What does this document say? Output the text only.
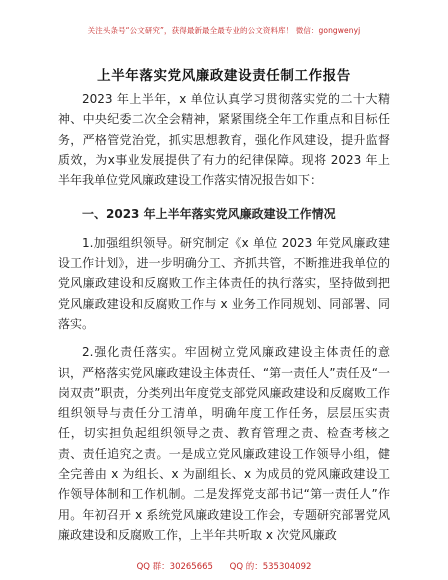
关注头条号“公文研究”，获得最新最全最专业的公文资料库！ 微信：gongwenyj
上半年落实党风廉政建设责任制工作报告

2023 年上半年，x 单位认真学习贯彻落实党的二十大精神、中央纪委二次全会精神，紧紧围绕全年工作重点和目标任务，严格管党治党，抓实思想教育，强化作风建设，提升监督质效，为x事业发展提供了有力的纪律保障。现将 2023 年上半年我单位党风廉政建设工作落实情况报告如下：

一、2023 年上半年落实党风廉政建设工作情况

1.加强组织领导。研究制定《x 单位 2023 年党风廉政建设工作计划》，进一步明确分工、齐抓共管，不断推进我单位的党风廉政建设和反腐败工作主体责任的执行落实，坚持做到把党风廉政建设和反腐败工作与 x 业务工作同规划、同部署、同落实。

2.强化责任落实。牢固树立党风廉政建设主体责任的意识，严格落实党风廉政建设主体责任、“第一责任人”责任及“一岗双责”职责，分类列出年度党支部党风廉政建设和反腐败工作组织领导与责任分工清单，明确年度工作任务，层层压实责任，切实担负起组织领导之责、教育管理之责、检查考核之责、责任追究之责。一是成立党风廉政建设工作领导小组，健全完善由 x 为组长、x 为副组长、x 为成员的党风廉政建设工作领导体制和工作机制。二是发挥党支部书记“第一责任人”作用。年初召开 x 系统党风廉政建设工作会，专题研究部署党风廉政建设和反腐败工作，上半年共听取 x 次党风廉政

QQ 群：30265665 QQ 的：535304092
